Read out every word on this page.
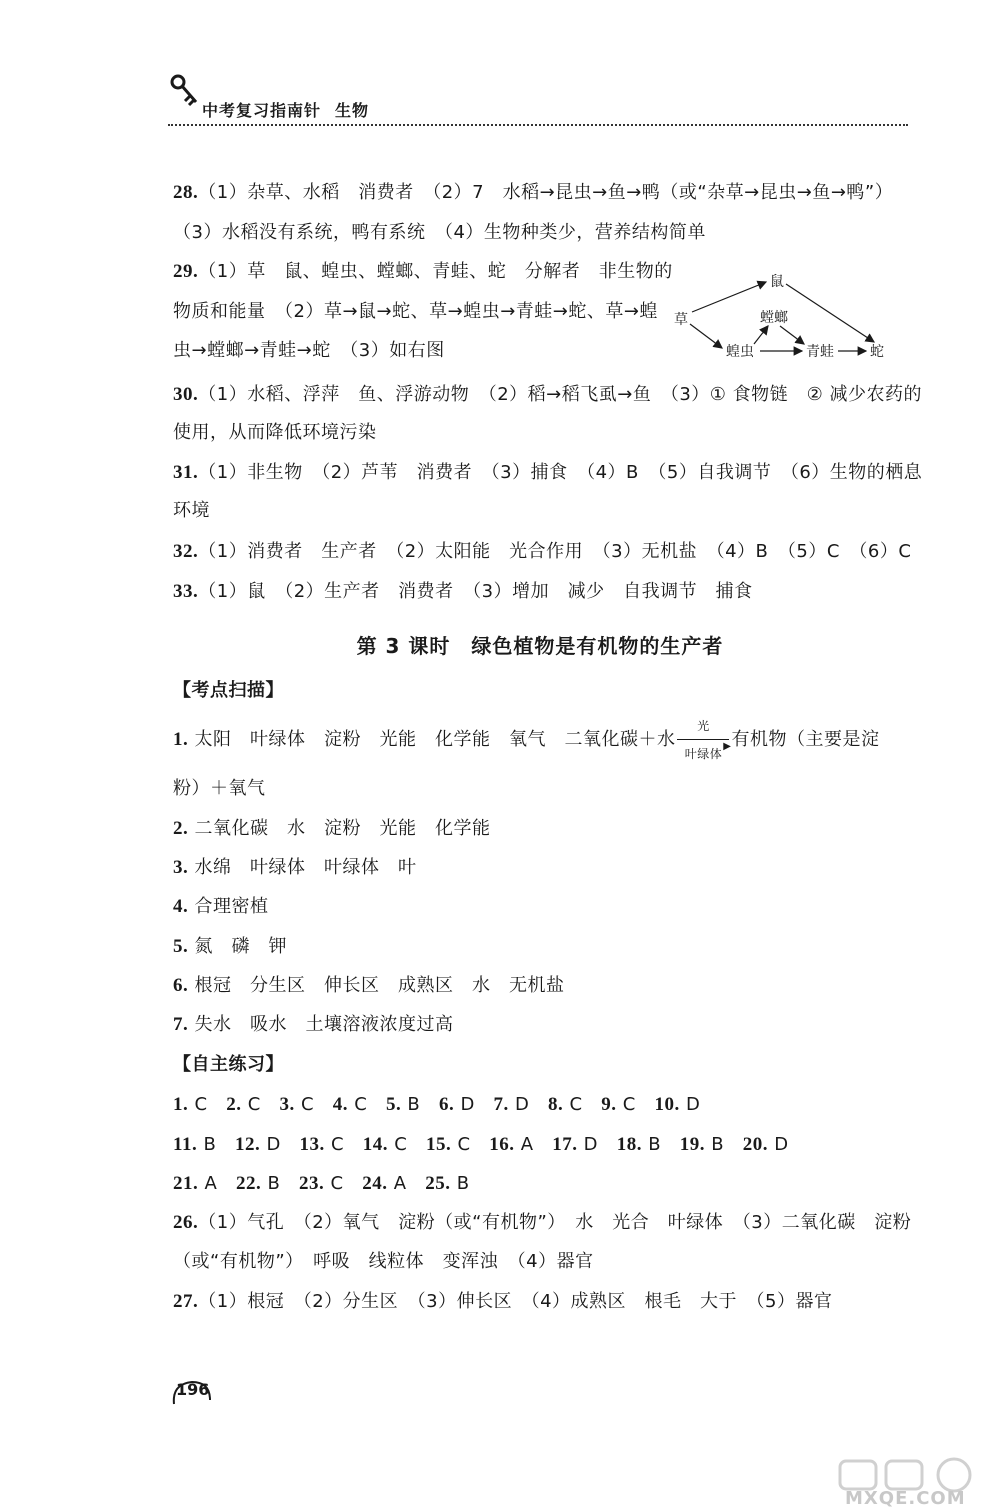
中考复习指南针 生物
28.（1）杂草、水稻　消费者　（2）7　水稻→昆虫→鱼→鸭（或“杂草→昆虫→鱼→鸭”）
（3）水稻没有系统，鸭有系统　（4）生物种类少，营养结构简单
29.（1）草　鼠、蝗虫、螳螂、青蛙、蛇　分解者　非生物的
物质和能量　（2）草→鼠→蛇、草→蝗虫→青蛙→蛇、草→蝗
虫→螳螂→青蛙→蛇　（3）如右图
草
鼠
螳螂
蝗虫	青蛙	蛇
30.（1）水稻、浮萍　鱼、浮游动物　（2）稻→稻飞虱→鱼　（3）① 食物链　② 减少农药的
使用，从而降低环境污染
31.（1）非生物　（2）芦苇　消费者　（3）捕食　（4）B　（5）自我调节　（6）生物的栖息
环境
32.（1）消费者　生产者　（2）太阳能　光合作用　（3）无机盐　（4）B　（5）C　（6）C
33.（1）鼠　（2）生产者　消费者　（3）增加　减少　自我调节　捕食
第 3 课时　绿色植物是有机物的生产者
【考点扫描】
1. 太阳　叶绿体　淀粉　光能　化学能　氧气　二氧化碳＋水
光
▶
叶绿体
有机物（主要是淀
粉）＋氧气
2. 二氧化碳　水　淀粉　光能　化学能
3. 水绵　叶绿体　叶绿体　叶
4. 合理密植
5. 氮　磷　钾
6. 根冠　分生区　伸长区　成熟区　水　无机盐
7. 失水　吸水　土壤溶液浓度过高
【自主练习】
1. C 2. C 3. C 4. C 5. B 6. D 7. D 8. C 9. C 10. D
11. B 12. D 13. C 14. C 15. C 16. A 17. D 18. B 19. B 20. D
21. A 22. B 23. C 24. A 25. B
26.（1）气孔　（2）氧气　淀粉（或“有机物”）　水　光合　叶绿体　（3）二氧化碳　淀粉
（或“有机物”）　呼吸　线粒体　变浑浊　（4）器官
27.（1）根冠　（2）分生区　（3）伸长区　（4）成熟区　根毛　大于　（5）器官
196
MXQE.COM
